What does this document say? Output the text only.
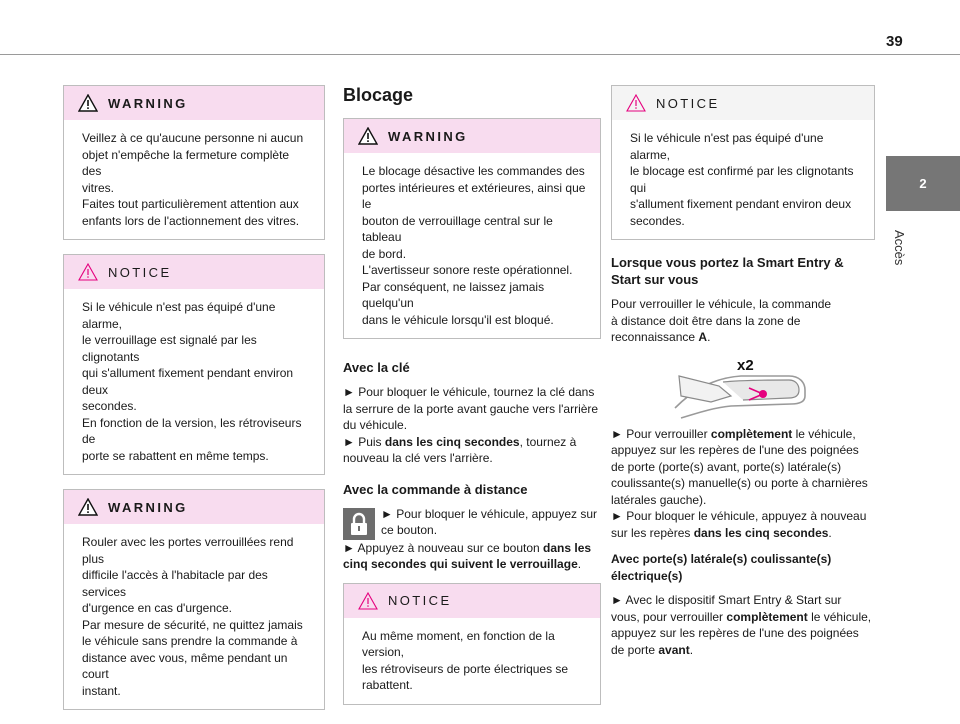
39
2
Accès
WARNING

Veillez à ce qu'aucune personne ni aucun

objet n'empêche la fermeture complète des

vitres.

Faites tout particulièrement attention aux

enfants lors de l'actionnement des vitres.

NOTICE

Si le véhicule n'est pas équipé d'une alarme,

le verrouillage est signalé par les clignotants

qui s'allument fixement pendant environ deux

secondes.

En fonction de la version, les rétroviseurs de

porte se rabattent en même temps.

WARNING

Rouler avec les portes verrouillées rend plus

difficile l'accès à l'habitacle par des services

d'urgence en cas d'urgence.

Par mesure de sécurité, ne quittez jamais

le véhicule sans prendre la commande à

distance avec vous, même pendant un court

instant.

Blocage
WARNING

Le blocage désactive les commandes des

portes intérieures et extérieures, ainsi que le

bouton de verrouillage central sur le tableau

de bord.

L'avertisseur sonore reste opérationnel.

Par conséquent, ne laissez jamais quelqu'un

dans le véhicule lorsqu'il est bloqué.

Avec la clé
► Pour bloquer le véhicule, tournez la clé dans
la serrure de la porte avant gauche vers l'arrière
du véhicule.
► Puis dans les cinq secondes, tournez à
nouveau la clé vers l'arrière.
Avec la commande à distance
► Pour bloquer le véhicule, appuyez sur
ce bouton.
► Appuyez à nouveau sur ce bouton dans les
cinq secondes qui suivent le verrouillage.
NOTICE

Au même moment, en fonction de la version,

les rétroviseurs de porte électriques se

rabattent.

NOTICE

Si le véhicule n'est pas équipé d'une alarme,

le blocage est confirmé par les clignotants qui

s'allument fixement pendant environ deux

secondes.

Lorsque vous portez la Smart Entry &
Start sur vous
Pour verrouiller le véhicule, la commande
à distance doit être dans la zone de
reconnaissance A.
x2
► Pour verrouiller complètement le véhicule,
appuyez sur les repères de l'une des poignées
de porte (porte(s) avant, porte(s) latérale(s)
coulissante(s) manuelle(s) ou porte à charnières
latérales gauche).
► Pour bloquer le véhicule, appuyez à nouveau
sur les repères dans les cinq secondes.
Avec porte(s) latérale(s) coulissante(s)
électrique(s)
► Avec le dispositif Smart Entry & Start sur
vous, pour verrouiller complètement le véhicule,
appuyez sur les repères de l'une des poignées
de porte avant.
